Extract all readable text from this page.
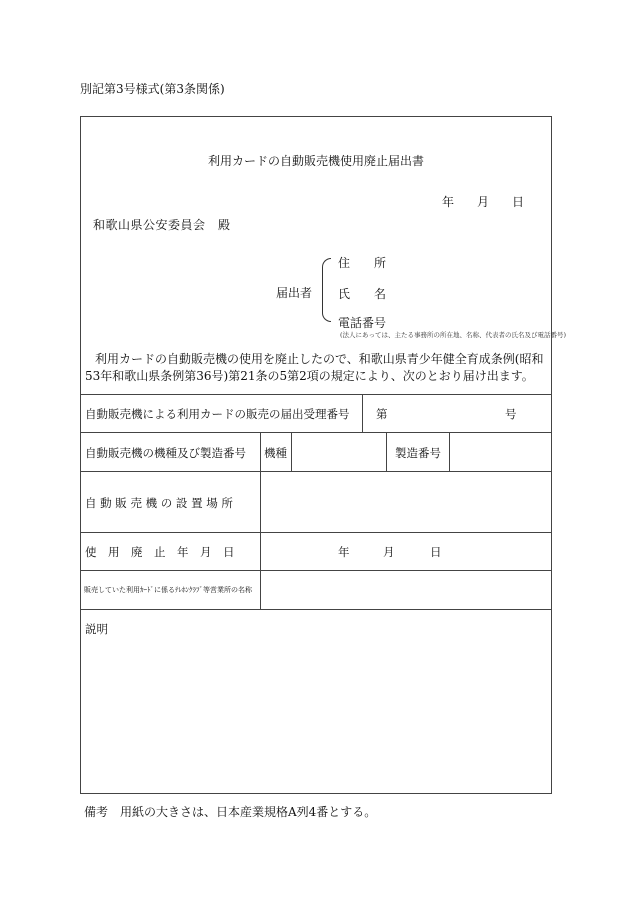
別記第3号様式(第3条関係)
利用カードの自動販売機使用廃止届出書
年 月 日
和歌山県公安委員会　殿
届出者
住　　所
氏　　名
電話番号
(法人にあっては、主たる事務所の所在地、名称、代表者の氏名及び電話番号)
利用カードの自動販売機の使用を廃止したので、和歌山県青少年健全育成条例(昭和53年和歌山県条例第36号)第21条の5第2項の規定により、次のとおり届け出ます。
自動販売機による利用カードの販売の届出受理番号 第	号
自動販売機の機種及び製造番号 機種	製造番号
自 動 販 売 機 の 設 置 場 所
使　用　廃　止　年　月　日	年	月	日
販売していた利用ｶｰﾄﾞに係るﾃﾚﾎﾝｸﾗﾌﾞ等営業所の名称
説明
備考　用紙の大きさは、日本産業規格A列4番とする。
